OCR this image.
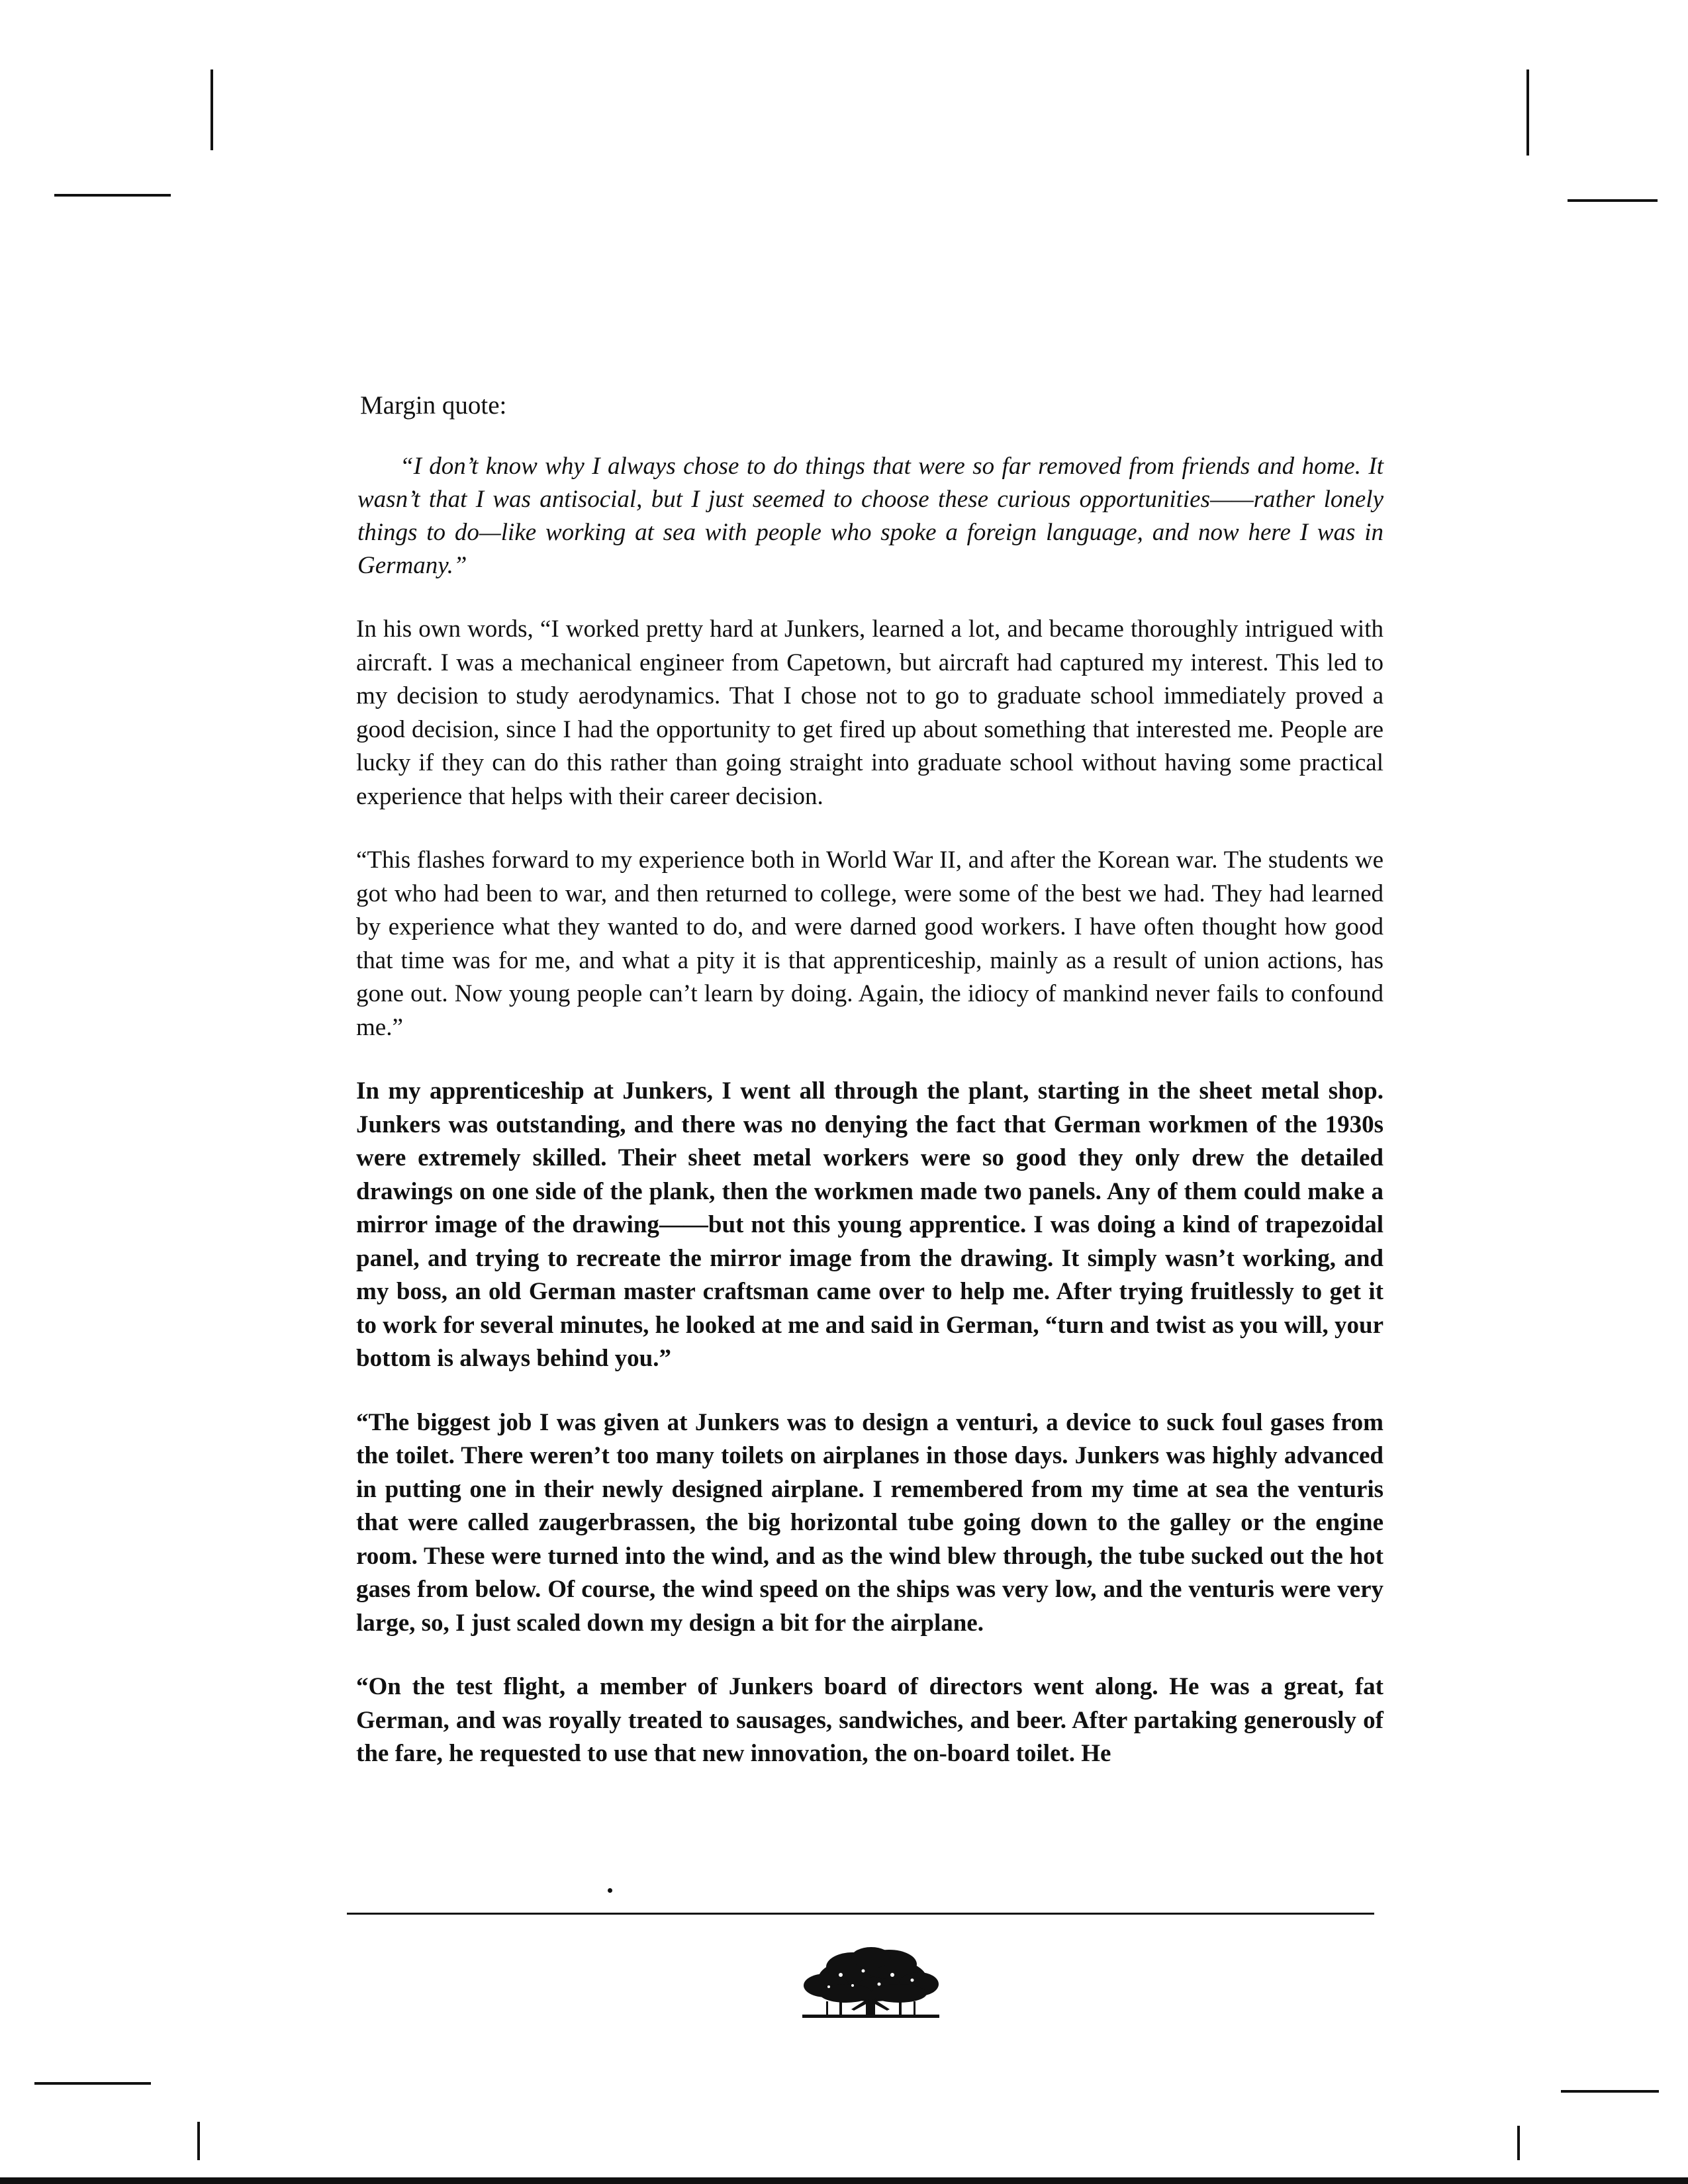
Margin quote:

“I don’t know why I always chose to do things that were so far removed from friends and home. It wasn’t that I was antisocial, but I just seemed to choose these curious opportunities——rather lonely things to do—like working at sea with people who spoke a foreign language, and now here I was in Germany.”

In his own words, “I worked pretty hard at Junkers, learned a lot, and became thoroughly intrigued with aircraft. I was a mechanical engineer from Capetown, but aircraft had captured my interest. This led to my decision to study aerodynamics. That I chose not to go to graduate school immediately proved a good decision, since I had the opportunity to get fired up about something that interested me. People are lucky if they can do this rather than going straight into graduate school without having some practical experience that helps with their career decision.

“This flashes forward to my experience both in World War II, and after the Korean war. The students we got who had been to war, and then returned to college, were some of the best we had. They had learned by experience what they wanted to do, and were darned good workers. I have often thought how good that time was for me, and what a pity it is that apprenticeship, mainly as a result of union actions, has gone out. Now young people can’t learn by doing. Again, the idiocy of mankind never fails to confound me.”

In my apprenticeship at Junkers, I went all through the plant, starting in the sheet metal shop. Junkers was outstanding, and there was no denying the fact that German workmen of the 1930s were extremely skilled. Their sheet metal workers were so good they only drew the detailed drawings on one side of the plank, then the workmen made two panels. Any of them could make a mirror image of the drawing——but not this young apprentice. I was doing a kind of trapezoidal panel, and trying to recreate the mirror image from the drawing. It simply wasn’t working, and my boss, an old German master craftsman came over to help me. After trying fruitlessly to get it to work for several minutes, he looked at me and said in German, “turn and twist as you will, your bottom is always behind you.”

“The biggest job I was given at Junkers was to design a venturi, a device to suck foul gases from the toilet. There weren’t too many toilets on airplanes in those days. Junkers was highly advanced in putting one in their newly designed airplane. I remembered from my time at sea the venturis that were called zaugerbrassen, the big horizontal tube going down to the galley or the engine room. These were turned into the wind, and as the wind blew through, the tube sucked out the hot gases from below. Of course, the wind speed on the ships was very low, and the venturis were very large, so, I just scaled down my design a bit for the airplane.

“On the test flight, a member of Junkers board of directors went along. He was a great, fat German, and was royally treated to sausages, sandwiches, and beer. After partaking generously of the fare, he requested to use that new innovation, the on-board toilet. He
